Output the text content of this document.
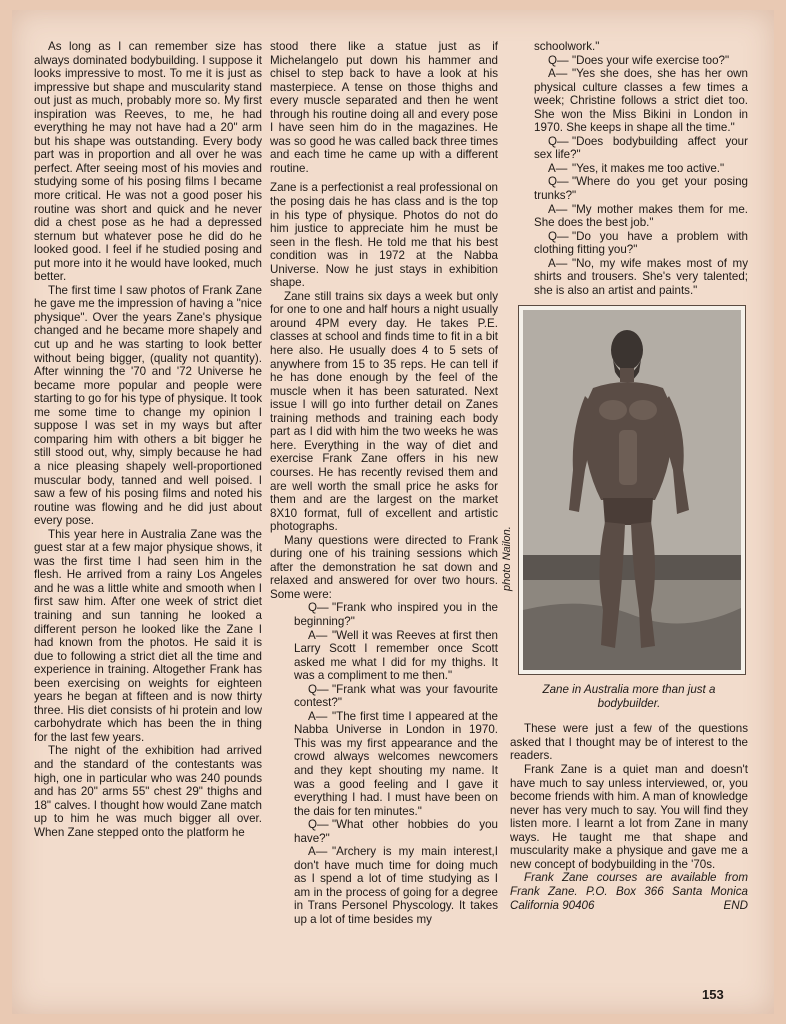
As long as I can remember size has always dominated bodybuilding. I suppose it looks impressive to most. To me it is just as impressive but shape and muscularity stand out just as much, probably more so. My first inspiration was Reeves, to me, he had everything he may not have had a 20" arm but his shape was outstanding. Every body part was in proportion and all over he was perfect. After seeing most of his movies and studying some of his posing films I became more critical. He was not a good poser his routine was short and quick and he never did a chest pose as he had a depressed sternum but whatever pose he did do he looked good. I feel if he studied posing and put more into it he would have looked, much better.

The first time I saw photos of Frank Zane he gave me the impression of having a "nice physique". Over the years Zane's physique changed and he became more shapely and cut up and he was starting to look better without being bigger, (quality not quantity). After winning the '70 and '72 Universe he became more popular and people were starting to go for his type of physique. It took me some time to change my opinion I suppose I was set in my ways but after comparing him with others a bit bigger he still stood out, why, simply because he had a nice pleasing shapely well-proportioned muscular body, tanned and well poised. I saw a few of his posing films and noted his routine was flowing and he did just about every pose.

This year here in Australia Zane was the guest star at a few major physique shows, it was the first time I had seen him in the flesh. He arrived from a rainy Los Angeles and he was a little white and smooth when I first saw him. After one week of strict diet training and sun tanning he looked a different person he looked like the Zane I had known from the photos. He said it is due to following a strict diet all the time and experience in training. Altogether Frank has been exercising on weights for eighteen years he began at fifteen and is now thirty three. His diet consists of hi protein and low carbohydrate which has been the in thing for the last few years.

The night of the exhibition had arrived and the standard of the contestants was high, one in particular who was 240 pounds and has 20" arms 55" chest 29" thighs and 18" calves. I thought how would Zane match up to him he was much bigger all over. When Zane stepped onto the platform he

stood there like a statue just as if Michelangelo put down his hammer and chisel to step back to have a look at his masterpiece. A tense on those thighs and every muscle separated and then he went through his routine doing all and every pose I have seen him do in the magazines. He was so good he was called back three times and each time he came up with a different routine.

Zane is a perfectionist a real professional on the posing dais he has class and is the top in his type of physique. Photos do not do him justice to appreciate him he must be seen in the flesh. He told me that his best condition was in 1972 at the Nabba Universe. Now he just stays in exhibition shape.

Zane still trains six days a week but only for one to one and half hours a night usually around 4PM every day. He takes P.E. classes at school and finds time to fit in a bit here also. He usually does 4 to 5 sets of anywhere from 15 to 35 reps. He can tell if he has done enough by the feel of the muscle when it has been saturated. Next issue I will go into further detail on Zanes training methods and training each body part as I did with him the two weeks he was here. Everything in the way of diet and exercise Frank Zane offers in his new courses. He has recently revised them and are well worth the small price he asks for them and are the largest on the market 8X10 format, full of excellent and artistic photographs.

Many questions were directed to Frank during one of his training sessions which after the demonstration he sat down and relaxed and answered for over two hours. Some were:

Q— "Frank who inspired you in the beginning?"

A— "Well it was Reeves at first then Larry Scott I remember once Scott asked me what I did for my thighs. It was a compliment to me then."

Q— "Frank what was your favourite contest?"

A— "The first time I appeared at the Nabba Universe in London in 1970. This was my first appearance and the crowd always welcomes newcomers and they kept shouting my name. It was a good feeling and I gave it everything I had. I must have been on the dais for ten minutes."

Q— "What other hobbies do you have?"

A— "Archery is my main interest,I don't have much time for doing much as I spend a lot of time studying as I am in the process of going for a degree in Trans Personel Physcology. It takes up a lot of time besides my

schoolwork."

Q— "Does your wife exercise too?"

A— "Yes she does, she has her own physical culture classes a few times a week; Christine follows a strict diet too. She won the Miss Bikini in London in 1970. She keeps in shape all the time."

Q— "Does bodybuilding affect your sex life?"

A— "Yes, it makes me too active."

Q— "Where do you get your posing trunks?"

A— "My mother makes them for me. She does the best job."

Q— "Do you have a problem with clothing fitting you?"

A— "No, my wife makes most of my shirts and trousers. She's very talented; she is also an artist and paints."

photo Nailon.
Zane in Australia more than just a bodybuilder.

These were just a few of the questions asked that I thought may be of interest to the readers.

Frank Zane is a quiet man and doesn't have much to say unless interviewed, or, you become friends with him. A man of knowledge never has very much to say. You will find they listen more. I learnt a lot from Zane in many ways. He taught me that shape and muscularity make a physique and gave me a new concept of bodybuilding in the '70s.

Frank Zane courses are available from Frank Zane. P.O. Box 366 Santa Monica California 90406	END

153
